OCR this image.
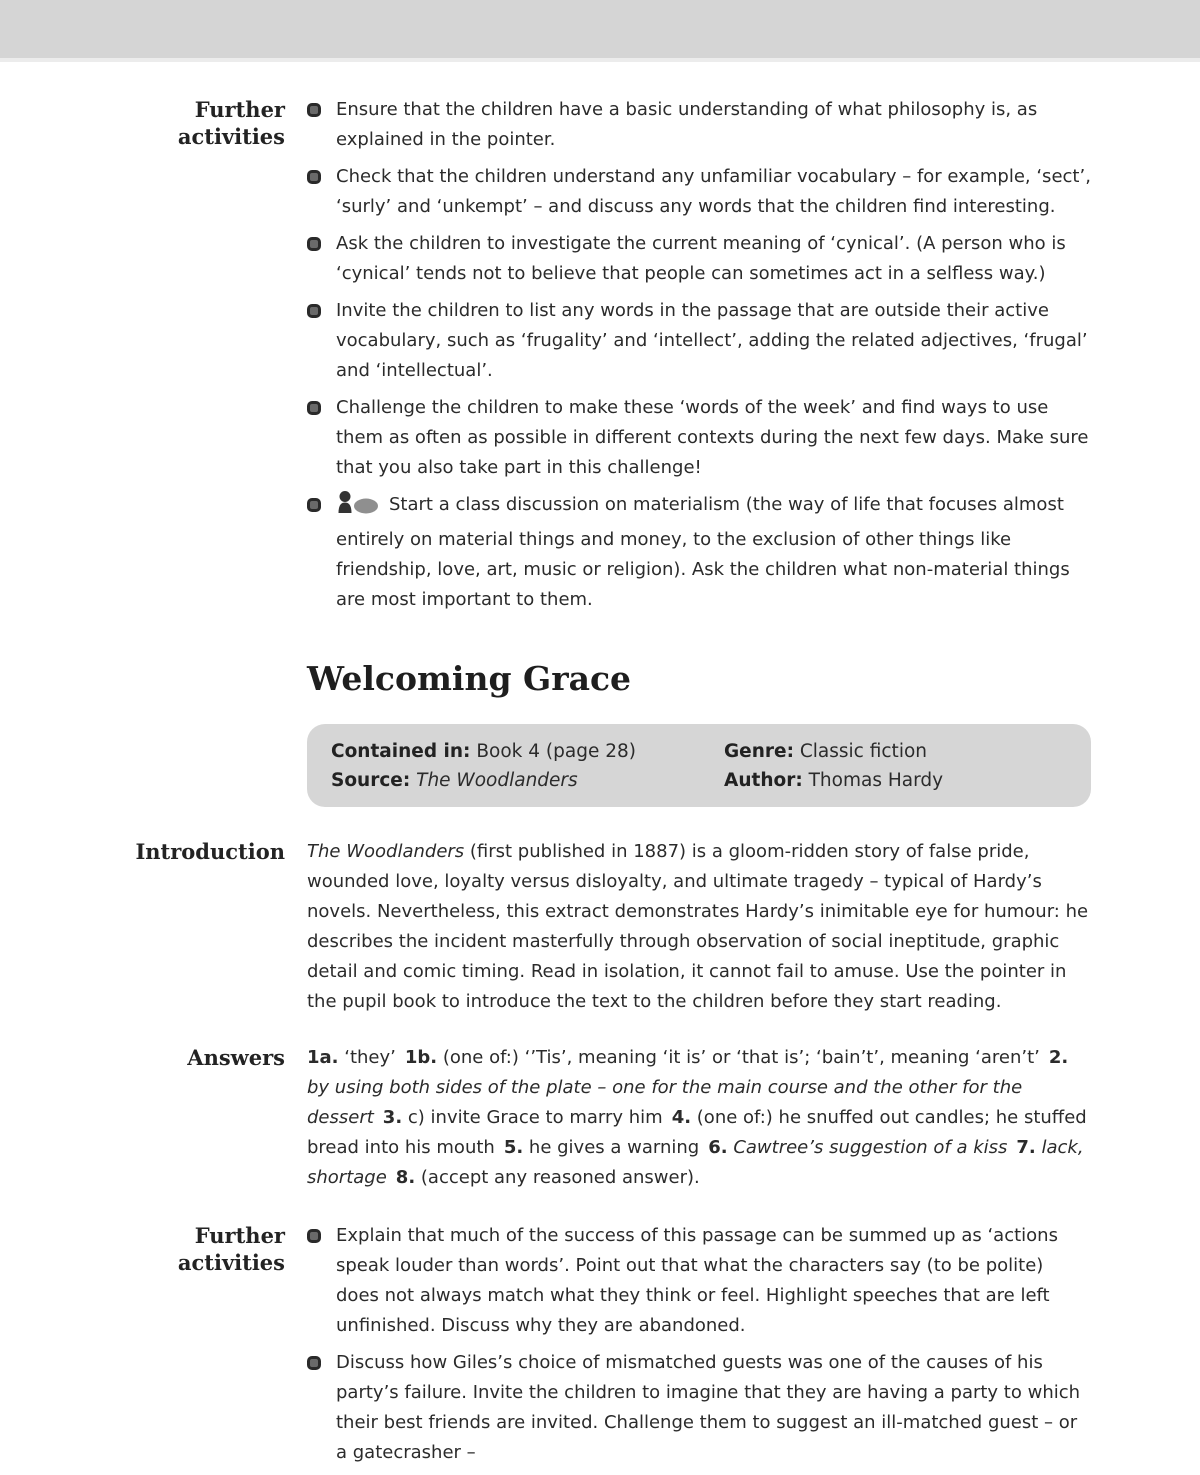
Further activities

Ensure that the children have a basic understanding of what philosophy is, as explained in the pointer.

Check that the children understand any unfamiliar vocabulary – for example, ‘sect’, ‘surly’ and ‘unkempt’ – and discuss any words that the children find interesting.

Ask the children to investigate the current meaning of ‘cynical’. (A person who is ‘cynical’ tends not to believe that people can sometimes act in a selfless way.)

Invite the children to list any words in the passage that are outside their active vocabulary, such as ‘frugality’ and ‘intellect’, adding the related adjectives, ‘frugal’ and ‘intellectual’.

Challenge the children to make these ‘words of the week’ and find ways to use them as often as possible in different contexts during the next few days. Make sure that you also take part in this challenge!

Start a class discussion on materialism (the way of life that focuses almost entirely on material things and money, to the exclusion of other things like friendship, love, art, music or religion). Ask the children what non-material things are most important to them.

Welcoming Grace
Contained in: Book 4 (page 28)	Genre: Classic fiction
Source: The Woodlanders	Author: Thomas Hardy
Introduction The Woodlanders (first published in 1887) is a gloom-ridden story of false pride, wounded love, loyalty versus disloyalty, and ultimate tragedy – typical of Hardy’s novels. Nevertheless, this extract demonstrates Hardy’s inimitable eye for humour: he describes the incident masterfully through observation of social ineptitude, graphic detail and comic timing. Read in isolation, it cannot fail to amuse. Use the pointer in the pupil book to introduce the text to the children before they start reading.

Answers 1a. ‘they’ 1b. (one of:) ‘’Tis’, meaning ‘it is’ or ‘that is’; ‘bain’t’, meaning ‘aren’t’ 2. by using both sides of the plate – one for the main course and the other for the dessert  3. c) invite Grace to marry him 4. (one of:) he snuffed out candles; he stuffed bread into his mouth 5. he gives a warning 6. Cawtree’s suggestion of a kiss  7. lack, shortage  8. (accept any reasoned answer).

Further activities

Explain that much of the success of this passage can be summed up as ‘actions speak louder than words’. Point out that what the characters say (to be polite) does not always match what they think or feel. Highlight speeches that are left unfinished. Discuss why they are abandoned.

Discuss how Giles’s choice of mismatched guests was one of the causes of his party’s failure. Invite the children to imagine that they are having a party to which their best friends are invited. Challenge them to suggest an ill-matched guest – or a gatecrasher –
